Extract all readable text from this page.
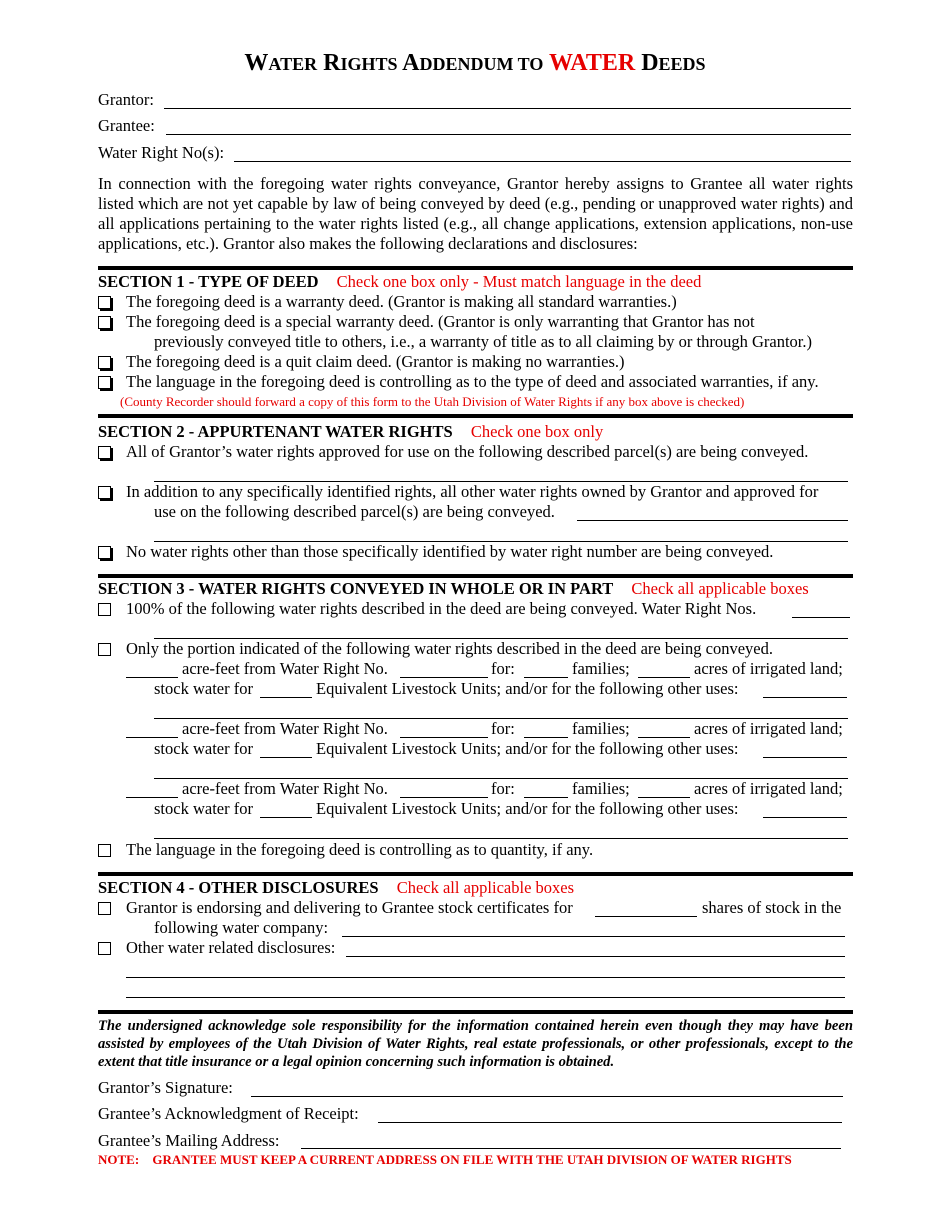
WATER RIGHTS ADDENDUM TO WATER DEEDS
Grantor:
Grantee:
Water Right No(s):
In connection with the foregoing water rights conveyance, Grantor hereby assigns to Grantee all water rights listed which are not yet capable by law of being conveyed by deed (e.g., pending or unapproved water rights) and all applications pertaining to the water rights listed (e.g., all change applications, extension applications, non-use applications, etc.). Grantor also makes the following declarations and disclosures:
SECTION 1 - TYPE OF DEED Check one box only - Must match language in the deed
The foregoing deed is a warranty deed. (Grantor is making all standard warranties.)
The foregoing deed is a special warranty deed. (Grantor is only warranting that Grantor has not
previously conveyed title to others, i.e., a warranty of title as to all claiming by or through Grantor.)
The foregoing deed is a quit claim deed. (Grantor is making no warranties.)
The language in the foregoing deed is controlling as to the type of deed and associated warranties, if any.
(County Recorder should forward a copy of this form to the Utah Division of Water Rights if any box above is checked)
SECTION 2 - APPURTENANT WATER RIGHTS Check one box only
All of Grantor’s water rights approved for use on the following described parcel(s) are being conveyed.
In addition to any specifically identified rights, all other water rights owned by Grantor and approved for
use on the following described parcel(s) are being conveyed.
No water rights other than those specifically identified by water right number are being conveyed.
SECTION 3 - WATER RIGHTS CONVEYED IN WHOLE OR IN PART Check all applicable boxes
100% of the following water rights described in the deed are being conveyed. Water Right Nos.
Only the portion indicated of the following water rights described in the deed are being conveyed.
acre-feet from Water Right No.	for:	families;	acres of irrigated land;
stock water for	Equivalent Livestock Units; and/or for the following other uses:
acre-feet from Water Right No.	for:	families;	acres of irrigated land;
stock water for	Equivalent Livestock Units; and/or for the following other uses:
acre-feet from Water Right No.	for:	families;	acres of irrigated land;
stock water for	Equivalent Livestock Units; and/or for the following other uses:
The language in the foregoing deed is controlling as to quantity, if any.
SECTION 4 - OTHER DISCLOSURES Check all applicable boxes
Grantor is endorsing and delivering to Grantee stock certificates for	shares of stock in the
following water company:
Other water related disclosures:
The undersigned acknowledge sole responsibility for the information contained herein even though they may have been assisted by employees of the Utah Division of Water Rights, real estate professionals, or other professionals, except to the extent that title insurance or a legal opinion concerning such information is obtained.
Grantor’s Signature:
Grantee’s Acknowledgment of Receipt:
Grantee’s Mailing Address:
NOTE: GRANTEE MUST KEEP A CURRENT ADDRESS ON FILE WITH THE UTAH DIVISION OF WATER RIGHTS
